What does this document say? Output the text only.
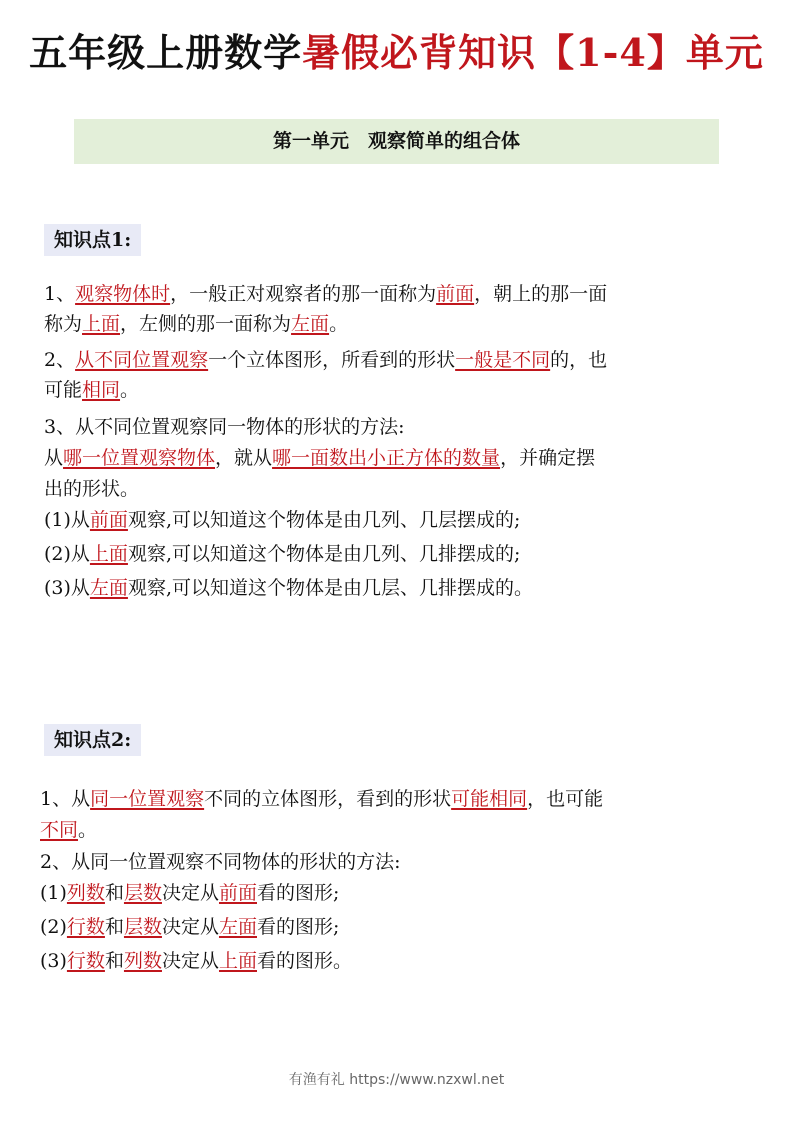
五年级上册数学暑假必背知识【1-4】单元
第一单元　观察简单的组合体
知识点1:
1、观察物体时，一般正对观察者的那一面称为前面，朝上的那一面
称为上面，左侧的那一面称为左面。
2、从不同位置观察一个立体图形，所看到的形状一般是不同的，也
可能相同。
3、从不同位置观察同一物体的形状的方法:
从哪一位置观察物体，就从哪一面数出小正方体的数量，并确定摆
出的形状。
(1)从前面观察,可以知道这个物体是由几列、几层摆成的;
(2)从上面观察,可以知道这个物体是由几列、几排摆成的;
(3)从左面观察,可以知道这个物体是由几层、几排摆成的。
知识点2:
1、从同一位置观察不同的立体图形，看到的形状可能相同，也可能
不同。
2、从同一位置观察不同物体的形状的方法:
(1)列数和层数决定从前面看的图形;
(2)行数和层数决定从左面看的图形;
(3)行数和列数决定从上面看的图形。
有渔有礼 https://www.nzxwl.net
